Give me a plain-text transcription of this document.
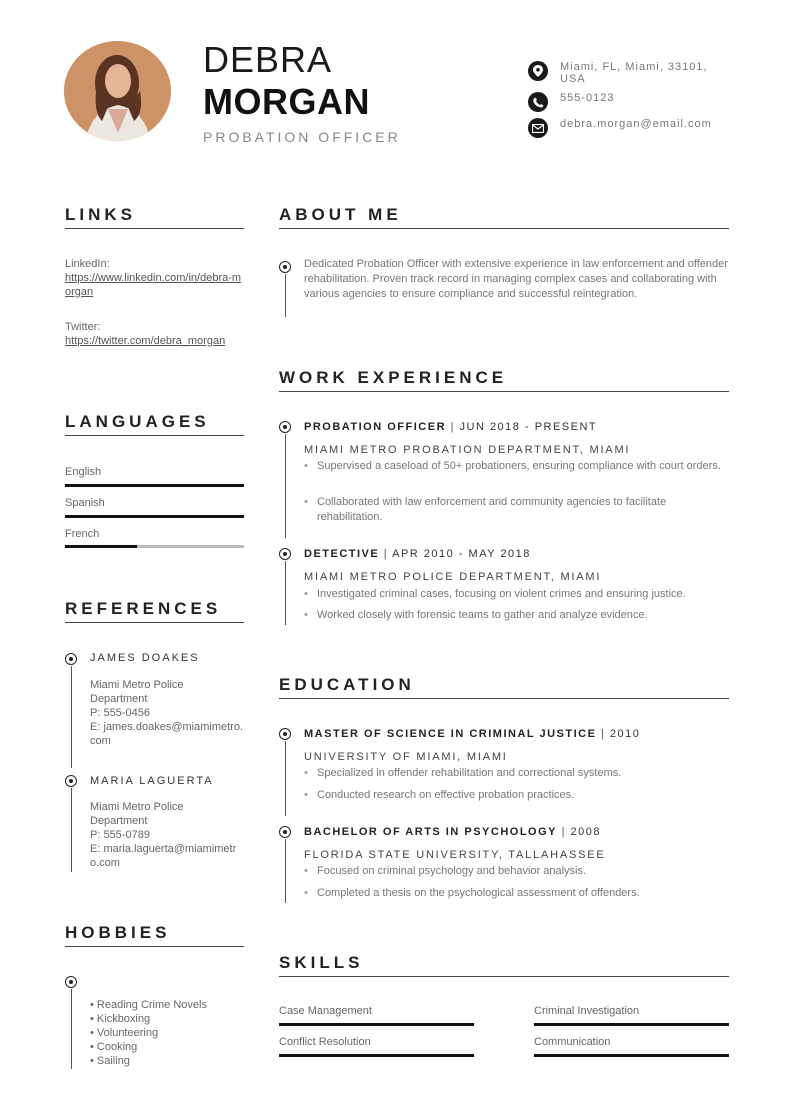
DEBRA
MORGAN
PROBATION OFFICER
Miami, FL, Miami, 33101, USA
555-0123
debra.morgan@email.com
LINKS
LinkedIn:
https://www.linkedin.com/in/debra-morgan
Twitter:
https://twitter.com/debra_morgan
LANGUAGES
English
Spanish
French
REFERENCES
JAMES DOAKES
Miami Metro Police Department
P: 555-0456
E: james.doakes@miamimetro.com
MARIA LAGUERTA
Miami Metro Police Department
P: 555-0789
E: maria.laguerta@miamimetro.com
HOBBIES
• Reading Crime Novels
• Kickboxing
• Volunteering
• Cooking
• Sailing
ABOUT ME
Dedicated Probation Officer with extensive experience in law enforcement and offender rehabilitation. Proven track record in managing complex cases and collaborating with various agencies to ensure compliance and successful reintegration.
WORK EXPERIENCE
PROBATION OFFICER | JUN 2018 - PRESENT
MIAMI METRO PROBATION DEPARTMENT, MIAMI
• Supervised a caseload of 50+ probationers, ensuring compliance with court orders.
• Collaborated with law enforcement and community agencies to facilitate rehabilitation.
DETECTIVE | APR 2010 - MAY 2018
MIAMI METRO POLICE DEPARTMENT, MIAMI
• Investigated criminal cases, focusing on violent crimes and ensuring justice.
• Worked closely with forensic teams to gather and analyze evidence.
EDUCATION
MASTER OF SCIENCE IN CRIMINAL JUSTICE | 2010
UNIVERSITY OF MIAMI, MIAMI
• Specialized in offender rehabilitation and correctional systems.
• Conducted research on effective probation practices.
BACHELOR OF ARTS IN PSYCHOLOGY | 2008
FLORIDA STATE UNIVERSITY, TALLAHASSEE
• Focused on criminal psychology and behavior analysis.
• Completed a thesis on the psychological assessment of offenders.
SKILLS
Case Management	Criminal Investigation
Conflict Resolution	Communication
